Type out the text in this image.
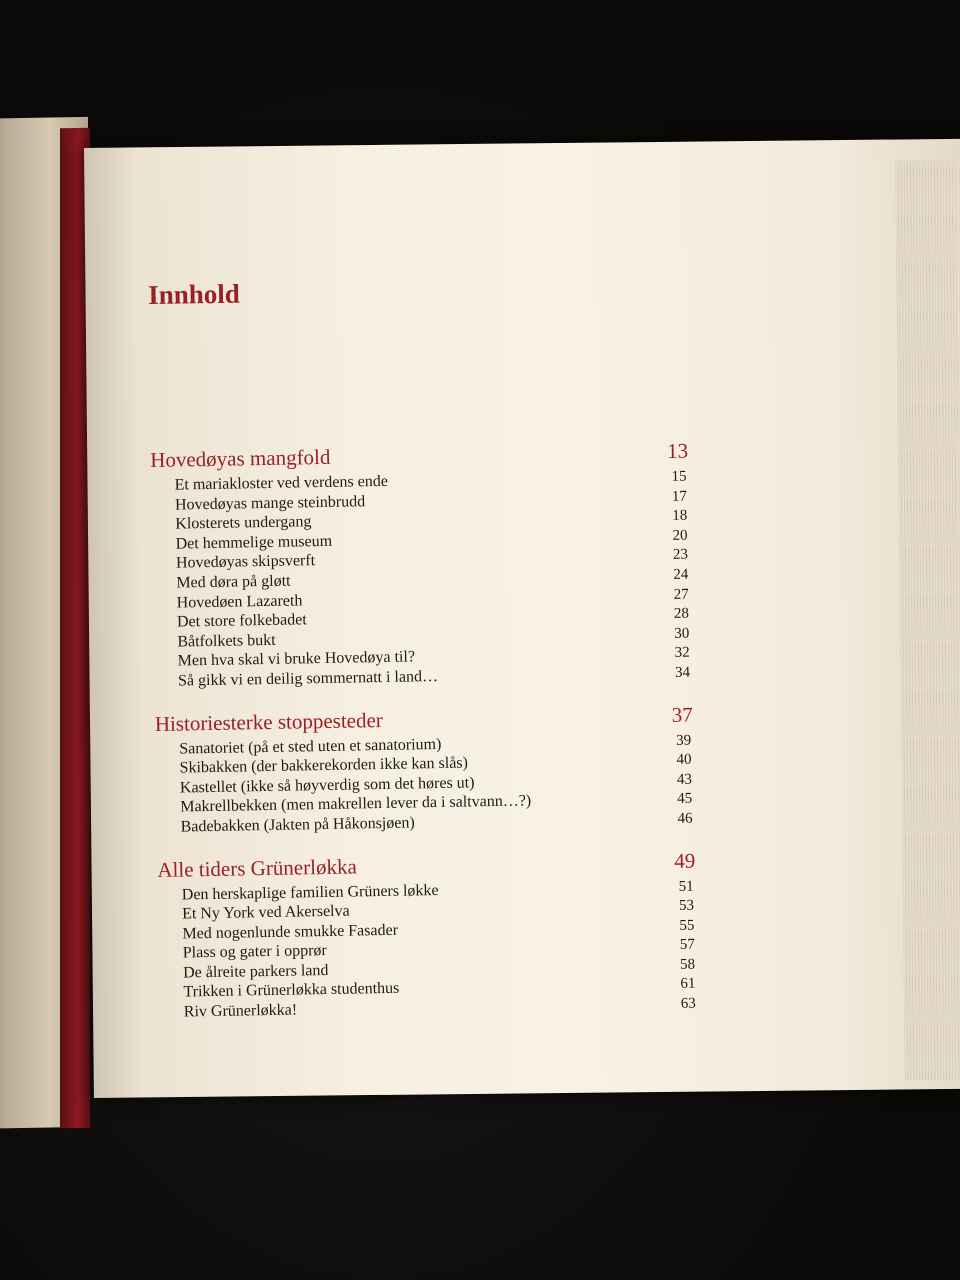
Innhold
Hovedøyas mangfold	13
Et mariakloster ved verdens ende	15
Hovedøyas mange steinbrudd	17
Klosterets undergang	18
Det hemmelige museum	20
Hovedøyas skipsverft	23
Med døra på gløtt	24
Hovedøen Lazareth	27
Det store folkebadet	28
Båtfolkets bukt	30
Men hva skal vi bruke Hovedøya til?	32
Så gikk vi en deilig sommernatt i land…	34
Historiesterke stoppesteder	37
Sanatoriet (på et sted uten et sanatorium)	39
Skibakken (der bakkerekorden ikke kan slås)	40
Kastellet (ikke så høyverdig som det høres ut)	43
Makrellbekken (men makrellen lever da i saltvann…?)	45
Badebakken (Jakten på Håkonsjøen)	46
Alle tiders Grünerløkka	49
Den herskaplige familien Grüners løkke	51
Et Ny York ved Akerselva	53
Med nogenlunde smukke Fasader	55
Plass og gater i opprør	57
De ålreite parkers land	58
Trikken i Grünerløkka studenthus	61
Riv Grünerløkka!	63
